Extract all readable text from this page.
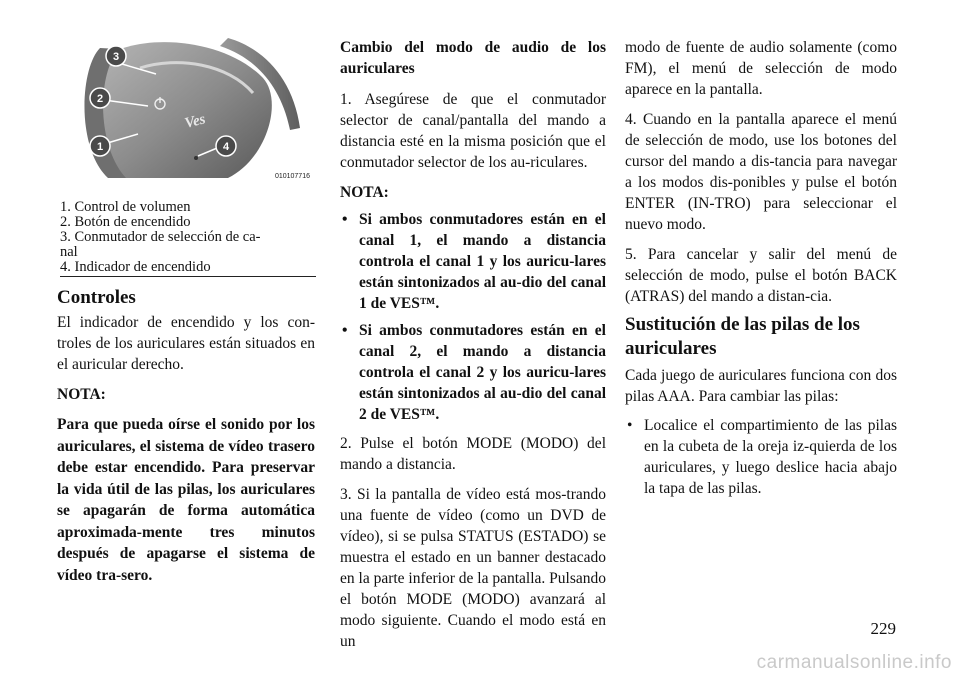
Ves
3
2
1	4
010107716
1. Control de volumen
2. Botón de encendido
3. Conmutador de selección de ca-
nal
4. Indicador de encendido
Controles

El indicador de encendido y los con-troles de los auriculares están situados en el auricular derecho.

NOTA:

Para que pueda oírse el sonido por los auriculares, el sistema de vídeo trasero debe estar encendido. Para preservar la vida útil de las pilas, los auriculares se apagarán de forma automática aproximada-mente tres minutos después de apagarse el sistema de vídeo tra-sero.

Cambio del modo de audio de los auriculares

1. Asegúrese de que el conmutador selector de canal/pantalla del mando a distancia esté en la misma posición que el conmutador selector de los au-riculares.

NOTA:

• Si ambos conmutadores están en el canal 1, el mando a distancia controla el canal 1 y los auricu-lares están sintonizados al au-dio del canal 1 de VES™.
• Si ambos conmutadores están en el canal 2, el mando a distancia controla el canal 2 y los auricu-lares están sintonizados al au-dio del canal 2 de VES™.

2. Pulse el botón MODE (MODO) del mando a distancia.

3. Si la pantalla de vídeo está mos-trando una fuente de vídeo (como un DVD de vídeo), si se pulsa STATUS (ESTADO) se muestra el estado en un banner destacado en la parte inferior de la pantalla. Pulsando el botón MODE (MODO) avanzará al modo siguiente. Cuando el modo está en un

modo de fuente de audio solamente (como FM), el menú de selección de modo aparece en la pantalla.

4. Cuando en la pantalla aparece el menú de selección de modo, use los botones del cursor del mando a dis-tancia para navegar a los modos dis-ponibles y pulse el botón ENTER (IN-TRO) para seleccionar el nuevo modo.

5. Para cancelar y salir del menú de selección de modo, pulse el botón BACK (ATRAS) del mando a distan-cia.

Sustitución de las pilas de los auriculares

Cada juego de auriculares funciona con dos pilas AAA. Para cambiar las pilas:

• Localice el compartimiento de las pilas en la cubeta de la oreja iz-quierda de los auriculares, y luego deslice hacia abajo la tapa de las pilas.
229
carmanualsonline.info
